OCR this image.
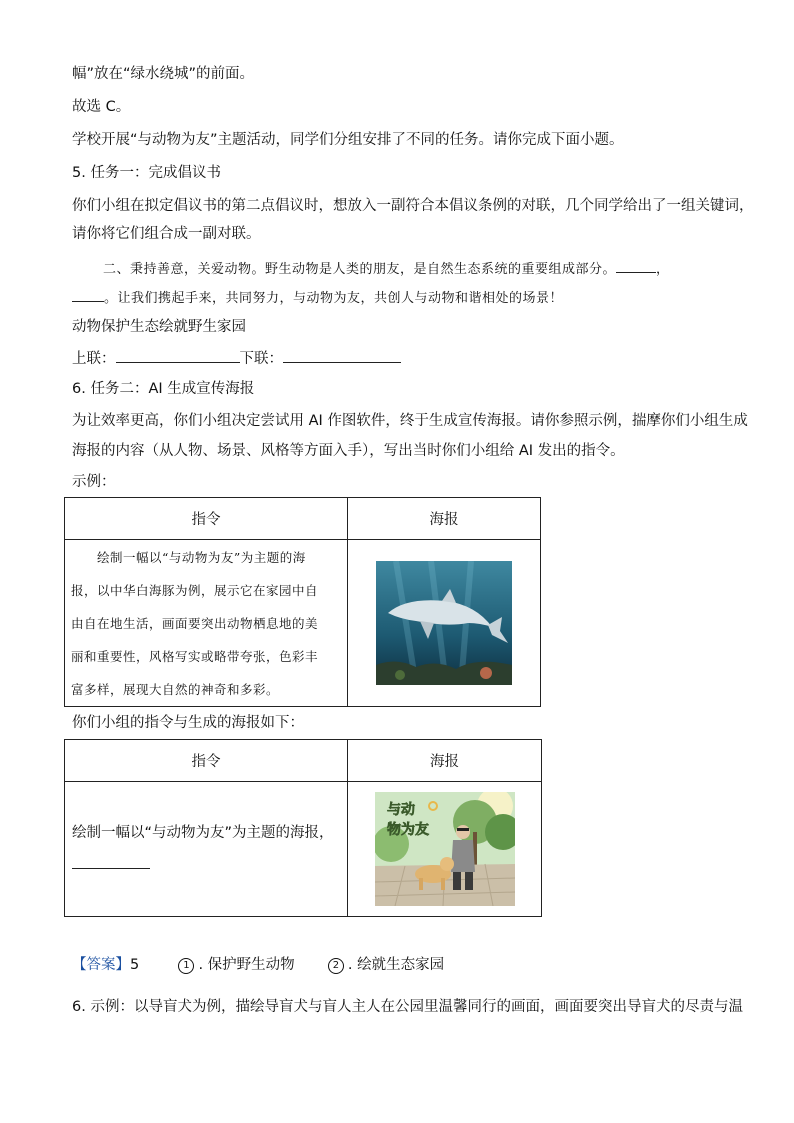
幅”放在“绿水绕城”的前面。
故选 C。
学校开展“与动物为友”主题活动，同学们分组安排了不同的任务。请你完成下面小题。
5. 任务一：完成倡议书
你们小组在拟定倡议书的第二点倡议时，想放入一副符合本倡议条例的对联，几个同学给出了一组关键词，
请你将它们组合成一副对联。
二、秉持善意，关爱动物。野生动物是人类的朋友，是自然生态系统的重要组成部分。	，
。让我们携起手来，共同努力，与动物为友，共创人与动物和谐相处的场景！
动物保护生态绘就野生家园
上联：	下联：
6. 任务二：AI 生成宣传海报
为让效率更高，你们小组决定尝试用 AI 作图软件，终于生成宣传海报。请你参照示例，揣摩你们小组生成
海报的内容（从人物、场景、风格等方面入手），写出当时你们小组给 AI 发出的指令。
示例：
指令	海报

绘制一幅以“与动物为友”为主题的海
报，以中华白海豚为例，展示它在家园中自
由自在地生活，画面要突出动物栖息地的美
丽和重要性，风格写实或略带夸张，色彩丰
富多样，展现大自然的神奇和多彩。

你们小组的指令与生成的海报如下：
指令	海报

绘制一幅以“与动物为友”为主题的海报，	与动
物为友
【答案】5	1 . 保护野生动物	2 . 绘就生态家园
6. 示例：以导盲犬为例，描绘导盲犬与盲人主人在公园里温馨同行的画面，画面要突出导盲犬的尽责与温
